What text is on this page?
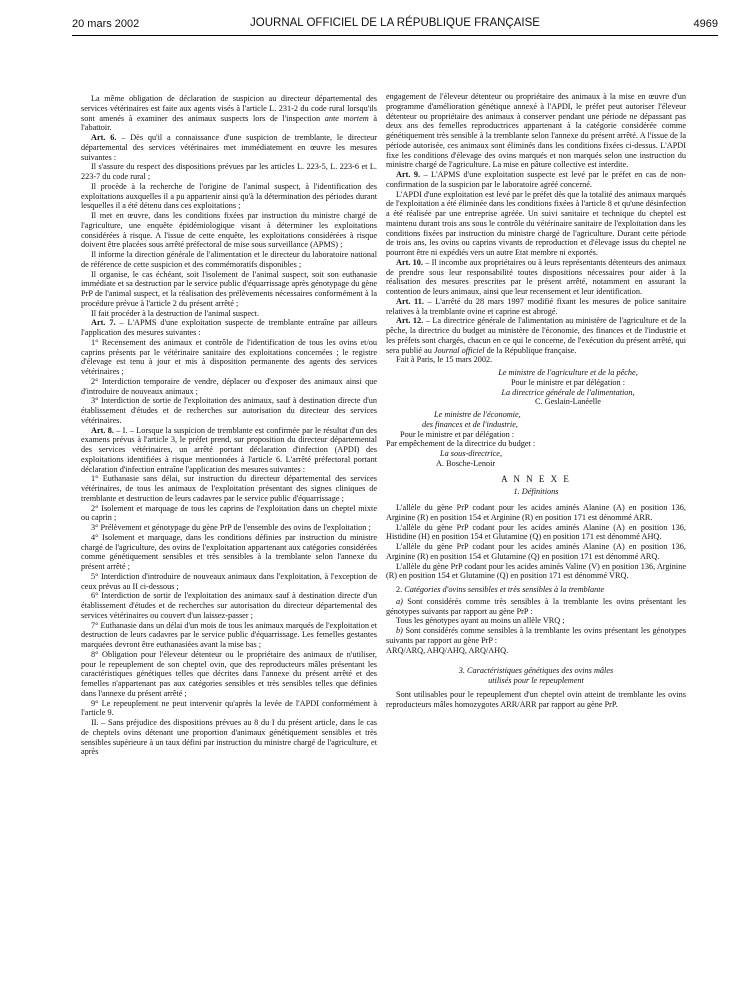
20 mars 2002	JOURNAL OFFICIEL DE LA RÉPUBLIQUE FRANÇAISE	4969

La même obligation de déclaration de suspicion au directeur départemental des services vétérinaires est faite aux agents visés à l'article L. 231-2 du code rural lorsqu'ils sont amenés à examiner des animaux suspects lors de l'inspection ante mortem à l'abattoir.

Art. 6. – Dès qu'il a connaissance d'une suspicion de tremblante, le directeur départemental des services vétérinaires met immédiatement en œuvre les mesures suivantes :

Il s'assure du respect des dispositions prévues par les articles L. 223-5, L. 223-6 et L. 223-7 du code rural ;

Il procède à la recherche de l'origine de l'animal suspect, à l'identification des exploitations auxquelles il a pu appartenir ainsi qu'à la détermination des périodes durant lesquelles il a été détenu dans ces exploitations ;

Il met en œuvre, dans les conditions fixées par instruction du ministre chargé de l'agriculture, une enquête épidémiologique visant à déterminer les exploitations considérées à risque. A l'issue de cette enquête, les exploitations considérées à risque doivent être placées sous arrêté préfectoral de mise sous surveillance (APMS) ;

Il informe la direction générale de l'alimentation et le directeur du laboratoire national de référence de cette suspicion et des commémoratifs disponibles ;

Il organise, le cas échéant, soit l'isolement de l'animal suspect, soit son euthanasie immédiate et sa destruction par le service public d'équarrissage après génotypage du gène PrP de l'animal suspect, et la réalisation des prélèvements nécessaires conformément à la procédure prévue à l'article 2 du présent arrêté ;

Il fait procéder à la destruction de l'animal suspect.

Art. 7. – L'APMS d'une exploitation suspecte de tremblante entraîne par ailleurs l'application des mesures suivantes :

1° Recensement des animaux et contrôle de l'identification de tous les ovins et/ou caprins présents par le vétérinaire sanitaire des exploitations concernées ; le registre d'élevage est tenu à jour et mis à disposition permanente des agents des services vétérinaires ;

2° Interdiction temporaire de vendre, déplacer ou d'exposer des animaux ainsi que d'introduire de nouveaux animaux ;

3° Interdiction de sortie de l'exploitation des animaux, sauf à destination directe d'un établissement d'études et de recherches sur autorisation du directeur des services vétérinaires.

Art. 8. – I. – Lorsque la suspicion de tremblante est confirmée par le résultat d'un des examens prévus à l'article 3, le préfet prend, sur proposition du directeur départemental des services vétérinaires, un arrêté portant déclaration d'infection (APDI) des exploitations identifiées à risque mentionnées à l'article 6. L'arrêté préfectoral portant déclaration d'infection entraîne l'application des mesures suivantes :

1° Euthanasie sans délai, sur instruction du directeur départemental des services vétérinaires, de tous les animaux de l'exploitation présentant des signes cliniques de tremblante et destruction de leurs cadavres par le service public d'équarrissage ;

2° Isolement et marquage de tous les caprins de l'exploitation dans un cheptel mixte ou caprin ;

3° Prélèvement et génotypage du gène PrP de l'ensemble des ovins de l'exploitation ;

4° Isolement et marquage, dans les conditions définies par instruction du ministre chargé de l'agriculture, des ovins de l'exploitation appartenant aux catégories considérées comme génétiquement sensibles et très sensibles à la tremblante selon l'annexe du présent arrêté ;

5° Interdiction d'introduire de nouveaux animaux dans l'exploitation, à l'exception de ceux prévus au II ci-dessous ;

6° Interdiction de sortir de l'exploitation des animaux sauf à destination directe d'un établissement d'études et de recherches sur autorisation du directeur départemental des services vétérinaires ou couvert d'un laissez-passer ;

7° Euthanasie dans un délai d'un mois de tous les animaux marqués de l'exploitation et destruction de leurs cadavres par le service public d'équarrissage. Les femelles gestantes marquées devront être euthanasiées avant la mise bas ;

8° Obligation pour l'éleveur détenteur ou le propriétaire des animaux de n'utiliser, pour le repeuplement de son cheptel ovin, que des reproducteurs mâles présentant les caractéristiques génétiques telles que décrites dans l'annexe du présent arrêté et des femelles n'appartenant pas aux catégories sensibles et très sensibles telles que définies dans l'annexe du présent arrêté ;

9° Le repeuplement ne peut intervenir qu'après la levée de l'APDI conformément à l'article 9.

II. – Sans préjudice des dispositions prévues au 8 du I du présent article, dans le cas de cheptels ovins détenant une proportion d'animaux génétiquement sensibles et très sensibles supérieure à un taux défini par instruction du ministre chargé de l'agriculture, et après

engagement de l'éleveur détenteur ou propriétaire des animaux à la mise en œuvre d'un programme d'amélioration génétique annexé à l'APDI, le préfet peut autoriser l'éleveur détenteur ou propriétaire des animaux à conserver pendant une période ne dépassant pas deux ans des femelles reproductrices appartenant à la catégorie considérée comme génétiquement très sensible à la tremblante selon l'annexe du présent arrêté. A l'issue de la période autorisée, ces animaux sont éliminés dans les conditions fixées ci-dessus. L'APDI fixe les conditions d'élevage des ovins marqués et non marqués selon une instruction du ministre chargé de l'agriculture. La mise en pâture collective est interdite.

Art. 9. – L'APMS d'une exploitation suspecte est levé par le préfet en cas de non-confirmation de la suspicion par le laboratoire agréé concerné.

L'APDI d'une exploitation est levé par le préfet dès que la totalité des animaux marqués de l'exploitation a été éliminée dans les conditions fixées à l'article 8 et qu'une désinfection a été réalisée par une entreprise agréée. Un suivi sanitaire et technique du cheptel est maintenu durant trois ans sous le contrôle du vétérinaire sanitaire de l'exploitation dans les conditions fixées par instruction du ministre chargé de l'agriculture. Durant cette période de trois ans, les ovins ou caprins vivants de reproduction et d'élevage issus du cheptel ne pourront être ni expédiés vers un autre Etat membre ni exportés.

Art. 10. – Il incombe aux propriétaires ou à leurs représentants détenteurs des animaux de prendre sous leur responsabilité toutes dispositions nécessaires pour aider à la réalisation des mesures prescrites par le présent arrêté, notamment en assurant la contention de leurs animaux, ainsi que leur recensement et leur identification.

Art. 11. – L'arrêté du 28 mars 1997 modifié fixant les mesures de police sanitaire relatives à la tremblante ovine et caprine est abrogé.

Art. 12. – La directrice générale de l'alimentation au ministère de l'agriculture et de la pêche, la directrice du budget au ministère de l'économie, des finances et de l'industrie et les préfets sont chargés, chacun en ce qui le concerne, de l'exécution du présent arrêté, qui sera publié au Journal officiel de la République française.

Fait à Paris, le 15 mars 2002.

Le ministre de l'agriculture et de la pêche,

Pour le ministre et par délégation :

La directrice générale de l'alimentation,

C. Geslain-Lanéelle

Le ministre de l'économie,

des finances et de l'industrie,

Pour le ministre et par délégation :

Par empêchement de la directrice du budget :

La sous-directrice,

A. Bosche-Lenoir

A N N E X E

1. Définitions

L'allèle du gène PrP codant pour les acides aminés Alanine (A) en position 136, Arginine (R) en position 154 et Arginine (R) en position 171 est dénommé ARR.

L'allèle du gène PrP codant pour les acides aminés Alanine (A) en position 136, Histidine (H) en position 154 et Glutamine (Q) en position 171 est dénommé AHQ.

L'allèle du gène PrP codant pour les acides aminés Alanine (A) en position 136, Arginine (R) en position 154 et Glutamine (Q) en position 171 est dénommé ARQ.

L'allèle du gène PrP codant pour les acides aminés Valine (V) en position 136, Arginine (R) en position 154 et Glutamine (Q) en position 171 est dénommé VRQ.

2. Catégories d'ovins sensibles et très sensibles à la tremblante

a) Sont considérés comme très sensibles à la tremblante les ovins présentant les génotypes suivants par rapport au gène PrP :

Tous les génotypes ayant au moins un allèle VRQ ;

b) Sont considérés comme sensibles à la tremblante les ovins présentant les génotypes suivants par rapport au gène PrP :

ARQ/ARQ, AHQ/AHQ, ARQ/AHQ.

3. Caractéristiques génétiques des ovins mâles

utilisés pour le repeuplement

Sont utilisables pour le repeuplement d'un cheptel ovin atteint de tremblante les ovins reproducteurs mâles homozygotes ARR/ARR par rapport au gène PrP.
